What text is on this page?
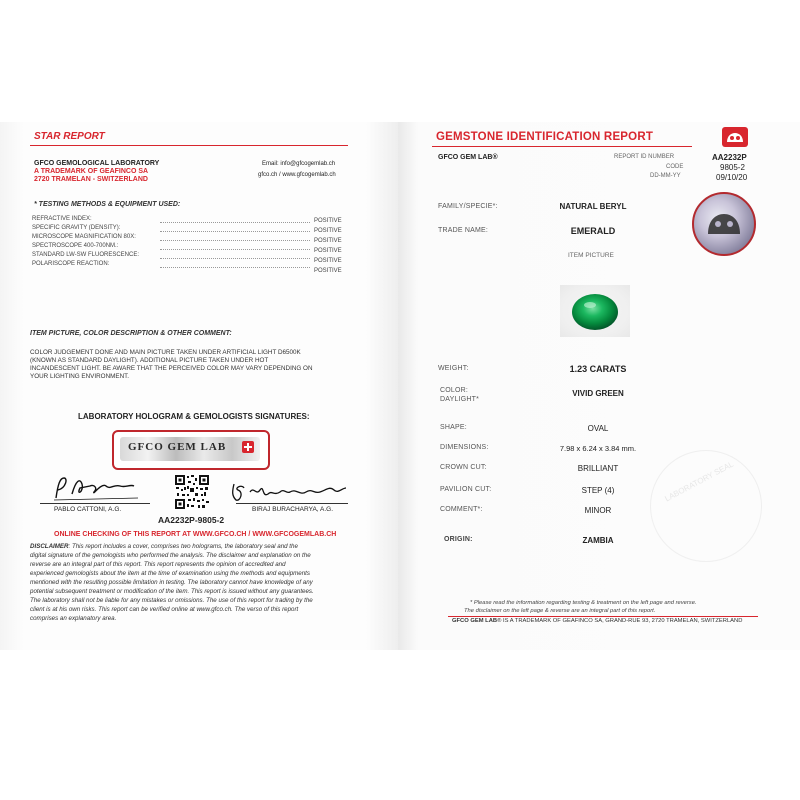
STAR REPORT
GFCO GEMOLOGICAL LABORATORY
A TRADEMARK OF GEAFINCO SA
2720 TRAMELAN - SWITZERLAND
Email: info@gfcogemlab.ch
gfco.ch / www.gfcogemlab.ch
* TESTING METHODS & EQUIPMENT USED:
REFRACTIVE INDEX:	POSITIVE
SPECIFIC GRAVITY (DENSITY):	POSITIVE
MICROSCOPE MAGNIFICATION 80X:
POSITIVE
SPECTROSCOPE 400-700NM.:
POSITIVE
STANDARD LW-SW FLUORESCENCE:
POSITIVE
POLARISCOPE REACTION:
POSITIVE
ITEM PICTURE, COLOR DESCRIPTION & OTHER COMMENT:
COLOR JUDGEMENT DONE AND MAIN PICTURE TAKEN UNDER ARTIFICIAL LIGHT D6500K
(KNOWN AS STANDARD DAYLIGHT). ADDITIONAL PICTURE TAKEN UNDER HOT
INCANDESCENT LIGHT. BE AWARE THAT THE PERCEIVED COLOR MAY VARY DEPENDING ON
YOUR LIGHTING ENVIRONMENT.
LABORATORY HOLOGRAM & GEMOLOGISTS SIGNATURES:
GFCO GEM LAB
PABLO CATTONI, A.G.	BIRAJ BURACHARYA, A.G.
AA2232P-9805-2
ONLINE CHECKING OF THIS REPORT AT WWW.GFCO.CH / WWW.GFCOGEMLAB.CH
DISCLAIMER: This report includes a cover, comprises two holograms, the laboratory seal and the
digital signature of the gemologists who performed the analysis. The disclaimer and explanation on the
reverse are an integral part of this report. This report represents the opinion of accredited and
experienced gemologists about the item at the time of examination using the methods and equipments
mentioned with the resulting possible limitation in testing. The laboratory cannot have knowledge of any
potential subsequent treatment or modification of the item. This report is issued without any guarantees.
The laboratory shall not be liable for any mistakes or omissions. The use of this report for trading by the
client is at his own risks. This report can be verified online at www.gfco.ch. The verso of this report
comprises an explanatory area.
GEMSTONE IDENTIFICATION REPORT
GFCO GEM LAB®	REPORT ID NUMBER	AA2232P
CODE	9805-2
DD-MM-YY	09/10/20
FAMILY/SPECIE*:	NATURAL BERYL
TRADE NAME:	EMERALD
ITEM PICTURE
WEIGHT:	1.23 CARATS
COLOR:
DAYLIGHT*
VIVID GREEN
SHAPE:	OVAL
DIMENSIONS:	7.98 x 6.24 x 3.84 mm.
CROWN CUT:	BRILLIANT
PAVILION CUT:	STEP (4)
COMMENT*:	MINOR
ORIGIN:	ZAMBIA
LABORATORY SEAL
* Please read the information regarding testing & treatment on the left page and reverse.
The disclaimer on the left page & reverse are an integral part of this report.
GFCO GEM LAB® IS A TRADEMARK OF GEAFINCO SA, GRAND-RUE 93, 2720 TRAMELAN, SWITZERLAND
